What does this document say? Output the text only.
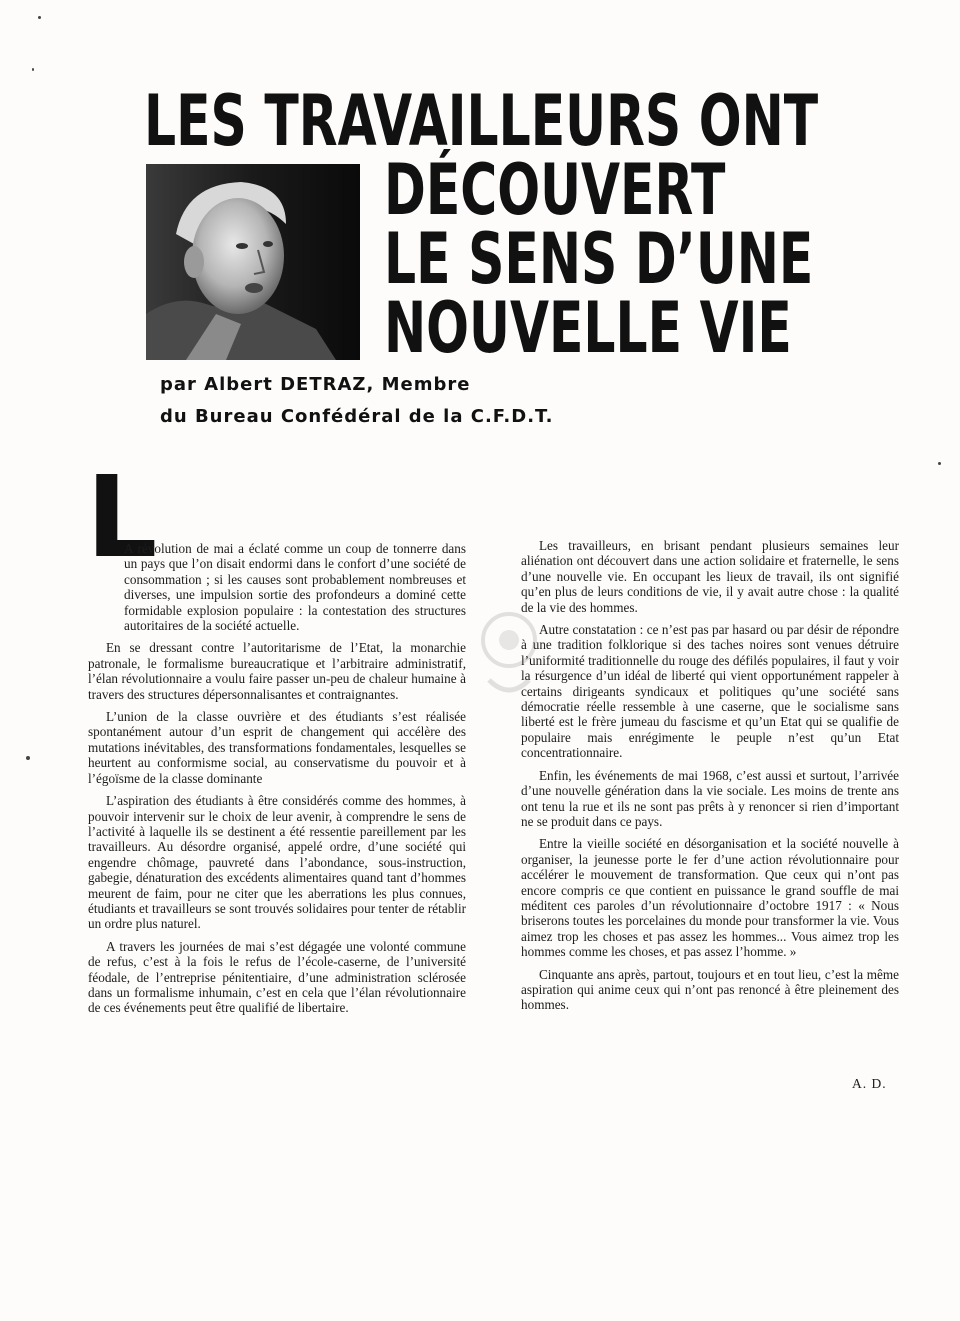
LES TRAVAILLEURS ONT
DÉCOUVERT
LE SENS D’UNE
NOUVELLE VIE

par Albert DETRAZ, Membre

du Bureau Confédéral de la C.F.D.T.

L

A révolution de mai a éclaté comme un coup de tonnerre dans un pays que l’on disait endormi dans le confort d’une société de consommation ; si les causes sont probablement nombreuses et diverses, une impulsion sortie des profondeurs a dominé cette formidable explosion populaire : la contestation des structures autoritaires de la société actuelle.

En se dressant contre l’autoritarisme de l’Etat, la monarchie patronale, le formalisme bureaucratique et l’arbitraire administratif, l’élan révolutionnaire a voulu faire passer un-peu de chaleur humaine à travers des structures dépersonnalisantes et contraignantes.

L’union de la classe ouvrière et des étudiants s’est réalisée spontanément autour d’un esprit de changement qui accélère des mutations inévitables, des transformations fondamentales, lesquelles se heurtent au conformisme social, au conservatisme du pouvoir et à l’égoïsme de la classe dominante

L’aspiration des étudiants à être considérés comme des hommes, à pouvoir intervenir sur le choix de leur avenir, à comprendre le sens de l’activité à laquelle ils se destinent a été ressentie pareillement par les travailleurs. Au désordre organisé, appelé ordre, d’une société qui engendre chômage, pauvreté dans l’abondance, sous-instruction, gabegie, dénaturation des excédents alimentaires quand tant d’hommes meurent de faim, pour ne citer que les aberrations les plus connues, étudiants et travailleurs se sont trouvés solidaires pour tenter de rétablir un ordre plus naturel.

A travers les journées de mai s’est dégagée une volonté commune de refus, c’est à la fois le refus de l’école-caserne, de l’université féodale, de l’entreprise pénitentiaire, d’une administration sclérosée dans un formalisme inhumain, c’est en cela que l’élan révolutionnaire de ces événements peut être qualifié de libertaire.

Les travailleurs, en brisant pendant plusieurs semaines leur aliénation ont découvert dans une action solidaire et fraternelle, le sens d’une nouvelle vie. En occupant les lieux de travail, ils ont signifié qu’en plus de leurs conditions de vie, il y avait autre chose : la qualité de la vie des hommes.

Autre constatation : ce n’est pas par hasard ou par désir de répondre à une tradition folklorique si des taches noires sont venues détruire l’uniformité traditionnelle du rouge des défilés populaires, il faut y voir la résurgence d’un idéal de liberté qui vient opportunément rappeler à certains dirigeants syndicaux et politiques qu’une société sans démocratie réelle ressemble à une caserne, que le socialisme sans liberté est le frère jumeau du fascisme et qu’un Etat qui se qualifie de populaire mais enrégimente le peuple n’est qu’un Etat concentrationnaire.

Enfin, les événements de mai 1968, c’est aussi et surtout, l’arrivée d’une nouvelle génération dans la vie sociale. Les moins de trente ans ont tenu la rue et ils ne sont pas prêts à y renoncer si rien d’important ne se produit dans ce pays.

Entre la vieille société en désorganisation et la société nouvelle à organiser, la jeunesse porte le fer d’une action révolutionnaire pour accélérer le mouvement de transformation. Que ceux qui n’ont pas encore compris ce que contient en puissance le grand souffle de mai méditent ces paroles d’un révolutionnaire d’octobre 1917 : « Nous briserons toutes les porcelaines du monde pour transformer la vie. Vous aimez trop les choses et pas assez les hommes... Vous aimez trop les hommes comme les choses, et pas assez l’homme. »

Cinquante ans après, partout, toujours et en tout lieu, c’est la même aspiration qui anime ceux qui n’ont pas renoncé à être pleinement des hommes.

A. D.
